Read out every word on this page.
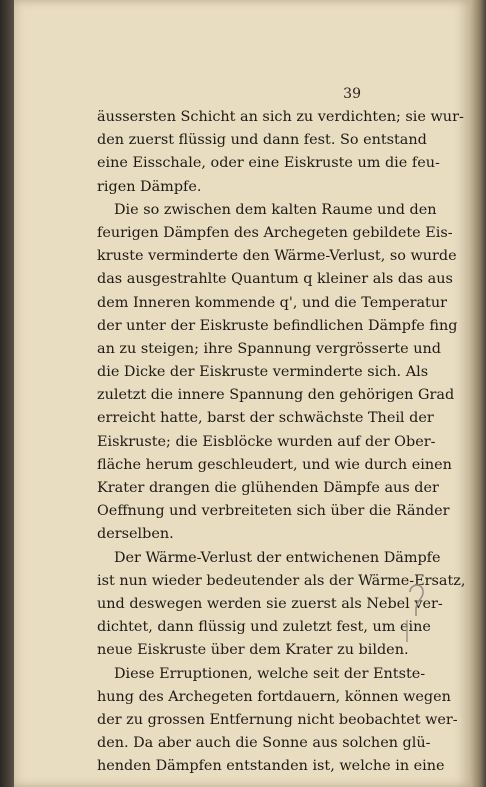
39
äussersten Schicht an sich zu verdichten; sie wur-
den zuerst flüssig und dann fest. So entstand
eine Eisschale, oder eine Eiskruste um die feu-
rigen Dämpfe.
Die so zwischen dem kalten Raume und den
feurigen Dämpfen des Archegeten gebildete Eis-
kruste verminderte den Wärme-Verlust, so wurde
das ausgestrahlte Quantum q kleiner als das aus
dem Inneren kommende q', und die Temperatur
der unter der Eiskruste befindlichen Dämpfe fing
an zu steigen; ihre Spannung vergrösserte und
die Dicke der Eiskruste verminderte sich. Als
zuletzt die innere Spannung den gehörigen Grad
erreicht hatte, barst der schwächste Theil der
Eiskruste; die Eisblöcke wurden auf der Ober-
fläche herum geschleudert, und wie durch einen
Krater drangen die glühenden Dämpfe aus der
Oeffnung und verbreiteten sich über die Ränder
derselben.
Der Wärme-Verlust der entwichenen Dämpfe
ist nun wieder bedeutender als der Wärme-Ersatz,
und deswegen werden sie zuerst als Nebel ver-
dichtet, dann flüssig und zuletzt fest, um eine
neue Eiskruste über dem Krater zu bilden.
Diese Erruptionen, welche seit der Entste-
hung des Archegeten fortdauern, können wegen
der zu grossen Entfernung nicht beobachtet wer-
den. Da aber auch die Sonne aus solchen glü-
henden Dämpfen entstanden ist, welche in eine
